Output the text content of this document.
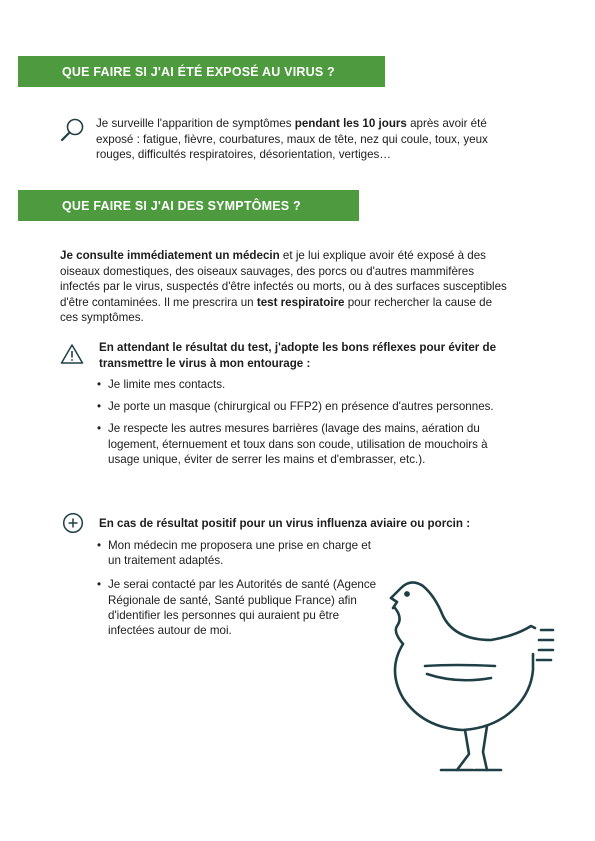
QUE FAIRE SI J'AI ÉTÉ EXPOSÉ AU VIRUS ?
Je surveille l'apparition de symptômes pendant les 10 jours après avoir été exposé : fatigue, fièvre, courbatures, maux de tête, nez qui coule, toux, yeux rouges, difficultés respiratoires, désorientation, vertiges…
QUE FAIRE SI J'AI DES SYMPTÔMES ?
Je consulte immédiatement un médecin et je lui explique avoir été exposé à des oiseaux domestiques, des oiseaux sauvages, des porcs ou d'autres mammifères infectés par le virus, suspectés d'être infectés ou morts, ou à des surfaces susceptibles d'être contaminées. Il me prescrira un test respiratoire pour rechercher la cause de ces symptômes.
En attendant le résultat du test, j'adopte les bons réflexes pour éviter de transmettre le virus à mon entourage :
• Je limite mes contacts.
• Je porte un masque (chirurgical ou FFP2) en présence d'autres personnes.
• Je respecte les autres mesures barrières (lavage des mains, aération du logement, éternuement et toux dans son coude, utilisation de mouchoirs à usage unique, éviter de serrer les mains et d'embrasser, etc.).
En cas de résultat positif pour un virus influenza aviaire ou porcin :
• Mon médecin me proposera une prise en charge et un traitement adaptés.
• Je serai contacté par les Autorités de santé (Agence Régionale de santé, Santé publique France) afin d'identifier les personnes qui auraient pu être infectées autour de moi.
